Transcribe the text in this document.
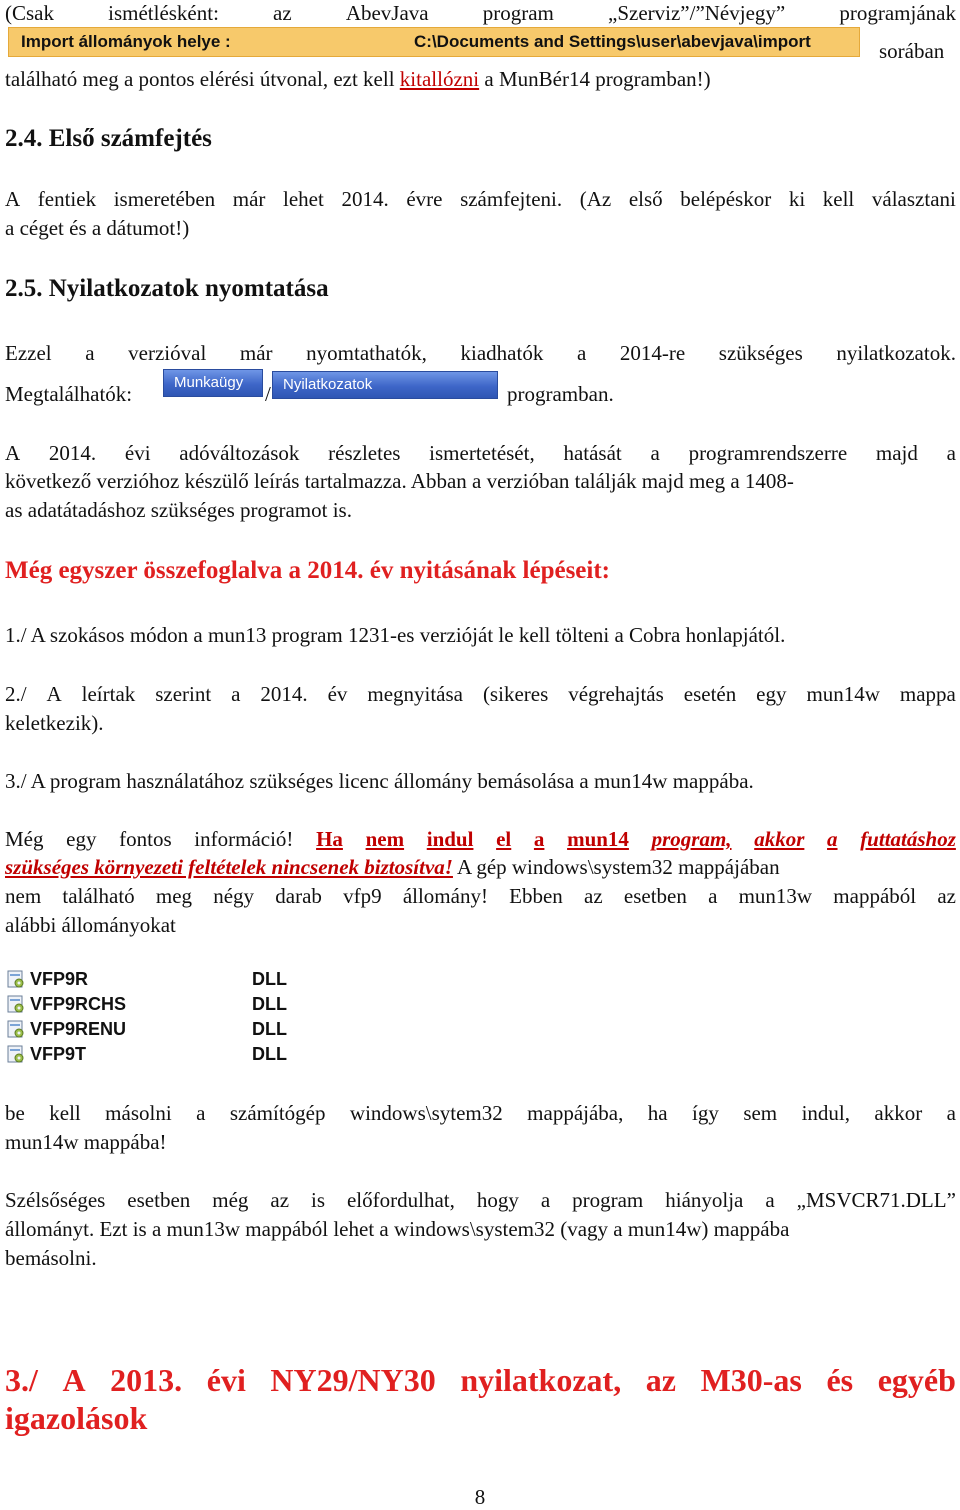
(Csak	ismétlésként:	az	AbevJava	program	„Szerviz”/”Névjegy”	programjának
Import állományok helye :	C:\Documents and Settings\user\abevjava\import	sorában
található meg a pontos elérési útvonal, ezt kell kitallózni a MunBér14 programban!)
2.4. Első számfejtés
A fentiek ismeretében már lehet 2014. évre számfejteni. (Az első belépéskor ki kell választani
a céget és a dátumot!)
2.5. Nyilatkozatok nyomtatása
Ezzel a verzióval már nyomtathatók, kiadhatók a 2014-re szükséges nyilatkozatok.
Megtalálhatók:	Munkaügy	/ Nyilatkozatok	programban.
A 2014. évi adóváltozások részletes ismertetését, hatását a programrendszerre majd a
következő verzióhoz készülő leírás tartalmazza. Abban a verzióban találják majd meg a 1408-
as adatátadáshoz szükséges programot is.
Még egyszer összefoglalva a 2014. év nyitásának lépéseit:
1./ A szokásos módon a mun13 program 1231-es verzióját le kell tölteni a Cobra honlapjától.
2./ A leírtak szerint a 2014. év megnyitása (sikeres végrehajtás esetén egy mun14w mappa
keletkezik).
3./ A program használatához szükséges licenc állomány bemásolása a mun14w mappába.
Még egy fontos információ! Ha nem indul el a mun14 program, akkor a futtatáshoz
szükséges környezeti feltételek nincsenek biztosítva! A gép windows\system32 mappájában
nem található meg négy darab vfp9 állomány! Ebben az esetben a mun13w mappából az
alábbi állományokat
VFP9R	DLL
VFP9RCHS	DLL
VFP9RENU	DLL
VFP9T	DLL
be kell másolni a számítógép windows\sytem32 mappájába, ha így sem indul, akkor a
mun14w mappába!
Szélsőséges esetben még az is előfordulhat, hogy a program hiányolja a „MSVCR71.DLL”
állományt. Ezt is a mun13w mappából lehet a windows\system32 (vagy a mun14w) mappába
bemásolni.
3./ A 2013. évi NY29/NY30 nyilatkozat, az M30-as és egyéb
igazolások
8
